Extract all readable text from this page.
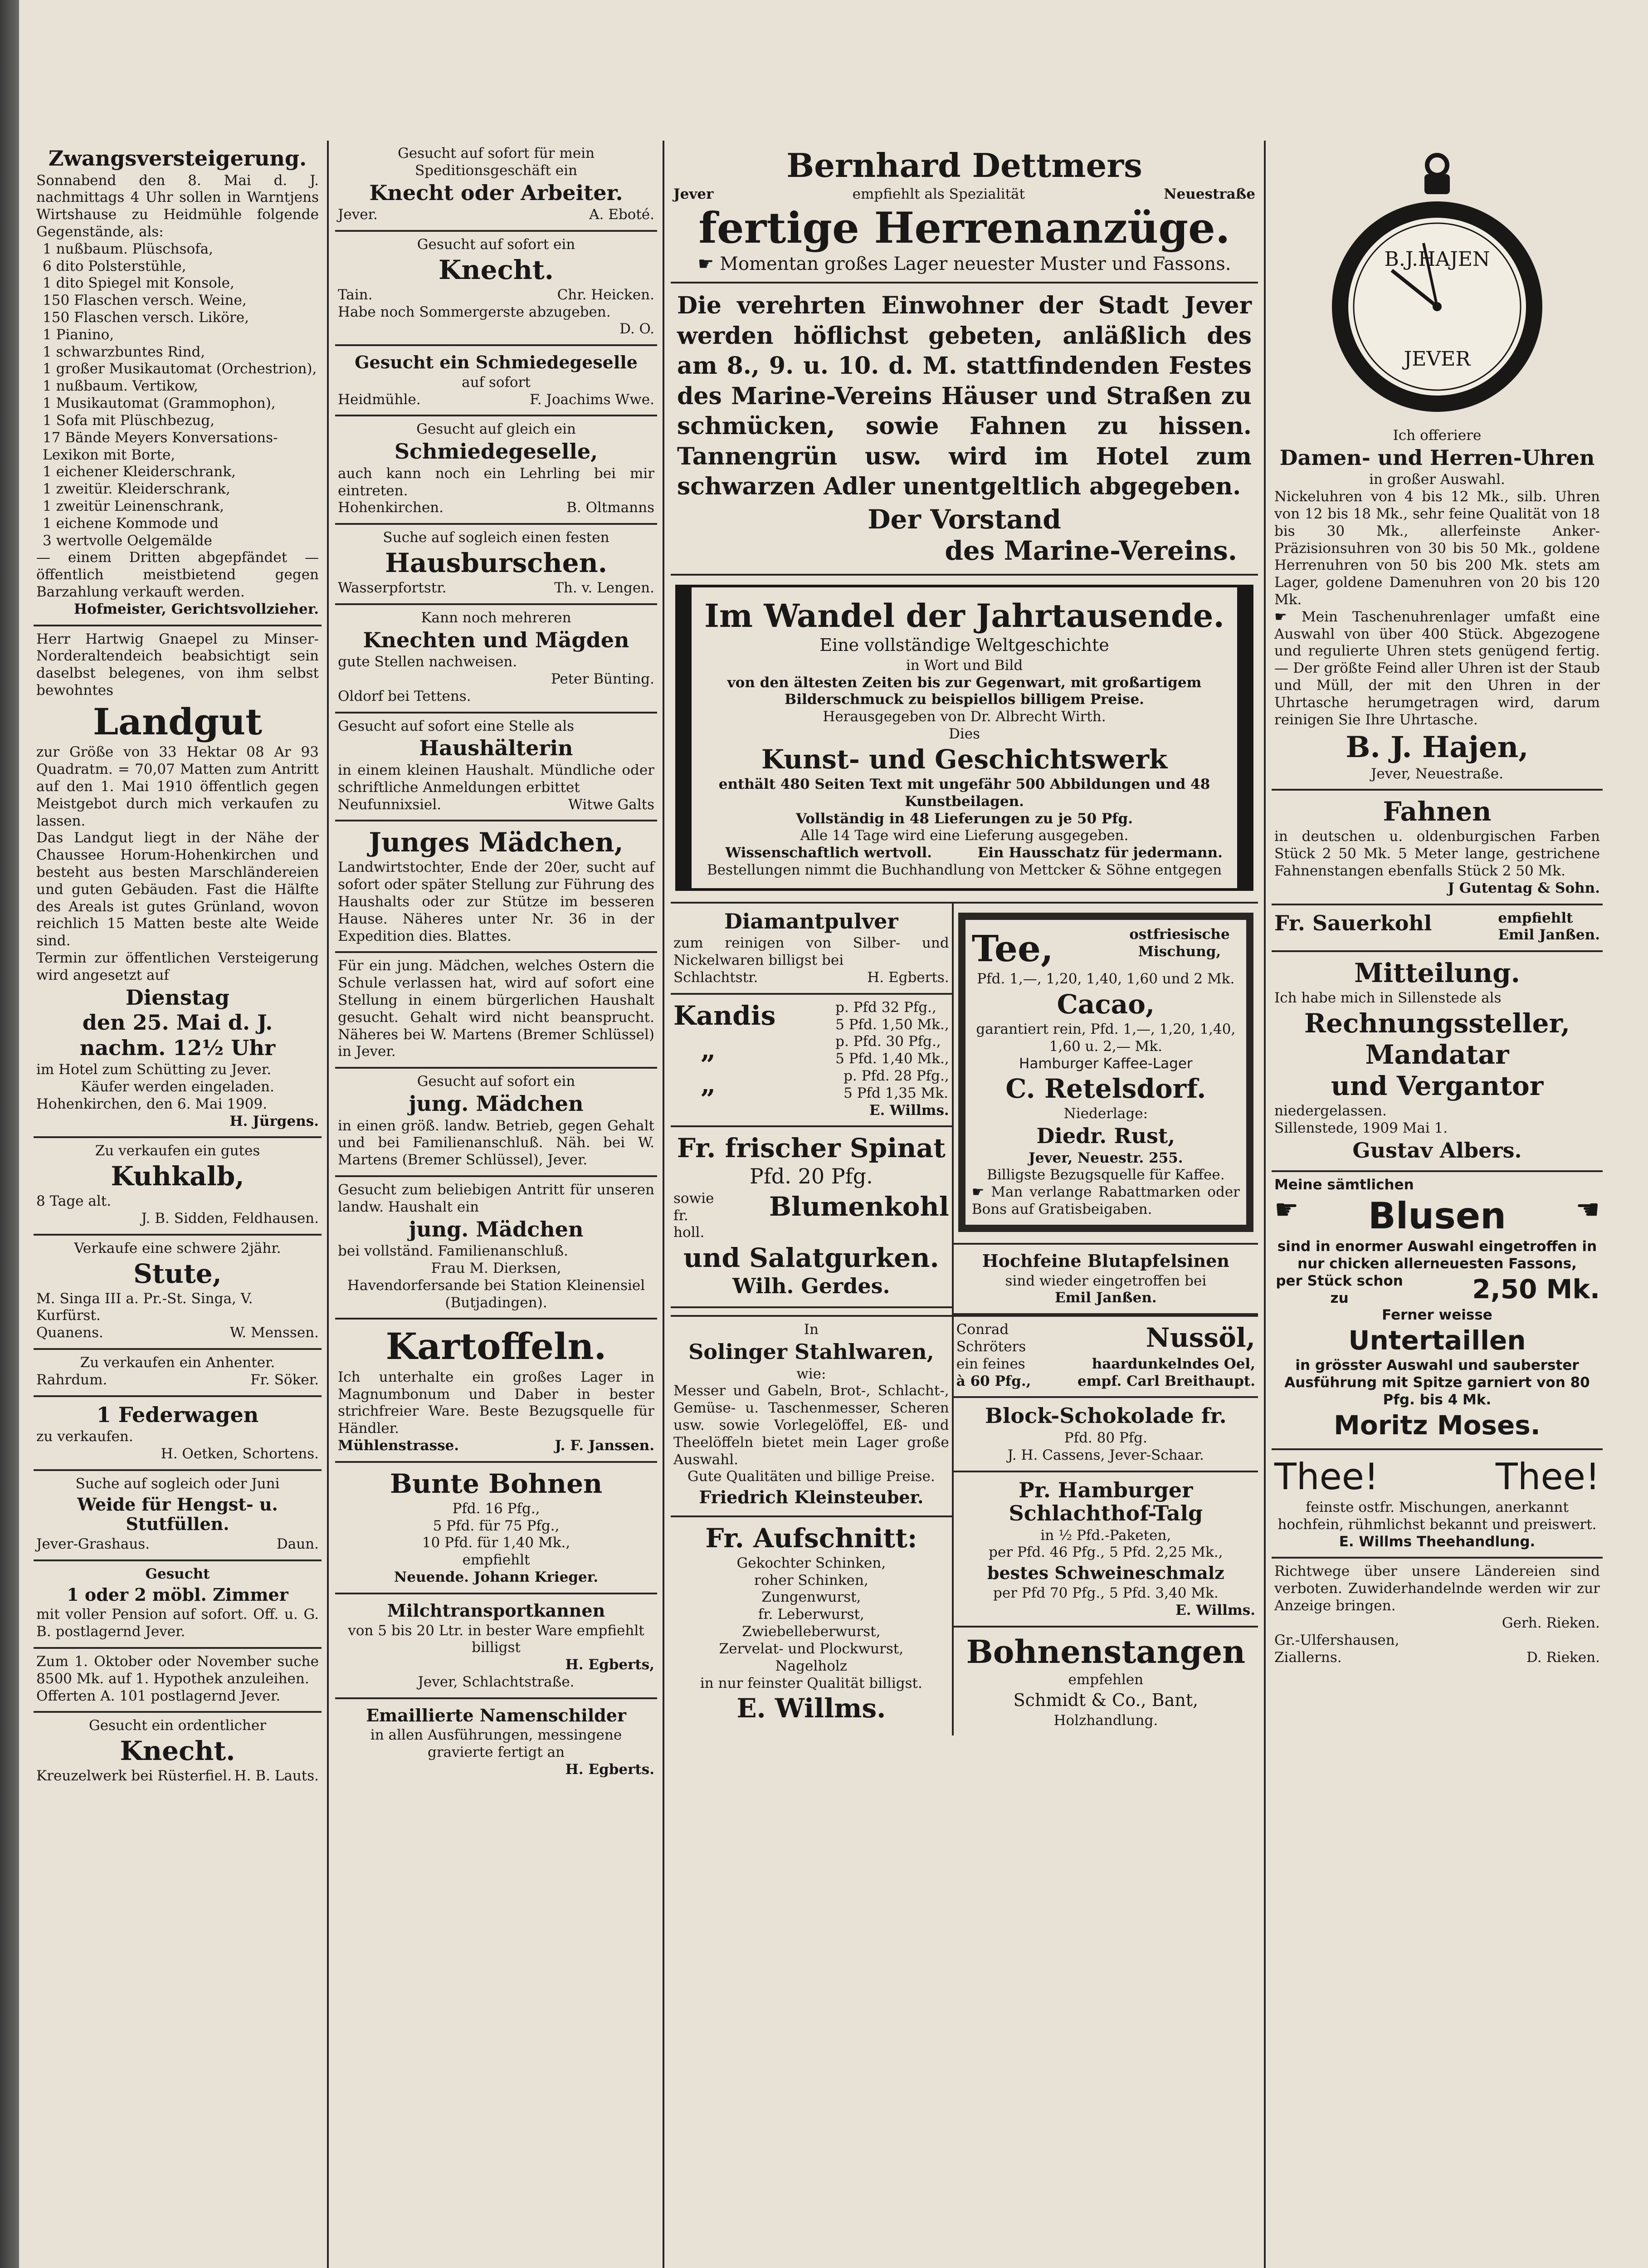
Zwangsversteigerung.

Sonnabend den 8. Mai d. J. nachmittags 4 Uhr sollen in Warntjens Wirtshause zu Heidmühle folgende Gegenstände, als:

1 nußbaum. Plüschsofa,

6 dito Polsterstühle,

1 dito Spiegel mit Konsole,

150 Flaschen versch. Weine,

150 Flaschen versch. Liköre,

1 Pianino,

1 schwarzbuntes Rind,

1 großer Musikautomat (Orchestrion),

1 nußbaum. Vertikow,

1 Musikautomat (Grammophon),

1 Sofa mit Plüschbezug,

17 Bände Meyers Konversations-Lexikon mit Borte,

1 eichener Kleiderschrank,

1 zweitür. Kleiderschrank,

1 zweitür Leinenschrank,

1 eichene Kommode und

3 wertvolle Oelgemälde

— einem Dritten abgepfändet — öffentlich meistbietend gegen Barzahlung verkauft werden.

Hofmeister, Gerichtsvollzieher.

Herr Hartwig Gnaepel zu Minser-Norderaltendeich beabsichtigt sein daselbst belegenes, von ihm selbst bewohntes

Landgut

zur Größe von 33 Hektar 08 Ar 93 Quadratm. = 70,07 Matten zum Antritt auf den 1. Mai 1910 öffentlich gegen Meistgebot durch mich verkaufen zu lassen.

Das Landgut liegt in der Nähe der Chaussee Horum-Hohenkirchen und besteht aus besten Marschländereien und guten Gebäuden. Fast die Hälfte des Areals ist gutes Grünland, wovon reichlich 15 Matten beste alte Weide sind.

Termin zur öffentlichen Versteigerung wird angesetzt auf

Dienstag
den 25. Mai d. J.
nachm. 12½ Uhr

im Hotel zum Schütting zu Jever.

Käufer werden eingeladen.

Hohenkirchen, den 6. Mai 1909.

H. Jürgens.

Zu verkaufen ein gutes

Kuhkalb,

8 Tage alt.

J. B. Sidden, Feldhausen.

Verkaufe eine schwere 2jähr.

Stute,

M. Singa III a. Pr.-St. Singa, V. Kurfürst.

Quanens.	W. Menssen.

Zu verkaufen ein Anhenter.

Rahrdum.	Fr. Söker.
1 Federwagen

zu verkaufen.

H. Oetken, Schortens.

Suche auf sogleich oder Juni

Weide für Hengst- u. Stutfüllen.
Jever-Grashaus.	Daun.

Gesucht

1 oder 2 möbl. Zimmer

mit voller Pension auf sofort. Off. u. G. B. postlagernd Jever.

Zum 1. Oktober oder November suche 8500 Mk. auf 1. Hypothek anzuleihen.

Offerten A. 101 postlagernd Jever.

Gesucht ein ordentlicher

Knecht.
Kreuzelwerk bei Rüsterfiel. H. B. Lauts.

Gesucht auf sofort für mein Speditionsgeschäft ein

Knecht oder Arbeiter.
Jever.	A. Eboté.

Gesucht auf sofort ein

Knecht.
Tain.	Chr. Heicken.

Habe noch Sommergerste abzugeben.

D. O.

Gesucht ein Schmiedegeselle

auf sofort

Heidmühle.	F. Joachims Wwe.

Gesucht auf gleich ein

Schmiedegeselle,

auch kann noch ein Lehrling bei mir eintreten.

Hohenkirchen.	B. Oltmanns

Suche auf sogleich einen festen

Hausburschen.
Wasserpfortstr.	Th. v. Lengen.

Kann noch mehreren

Knechten und Mägden

gute Stellen nachweisen.

Peter Bünting.

Oldorf bei Tettens.

Gesucht auf sofort eine Stelle als

Haushälterin

in einem kleinen Haushalt. Mündliche oder schriftliche Anmeldungen erbittet

Neufunnixsiel.	Witwe Galts
Junges Mädchen,

Landwirtstochter, Ende der 20er, sucht auf sofort oder später Stellung zur Führung des Haushalts oder zur Stütze im besseren Hause. Näheres unter Nr. 36 in der Expedition dies. Blattes.

Für ein jung. Mädchen, welches Ostern die Schule verlassen hat, wird auf sofort eine Stellung in einem bürgerlichen Haushalt gesucht. Gehalt wird nicht beansprucht. Näheres bei W. Martens (Bremer Schlüssel) in Jever.

Gesucht auf sofort ein

jung. Mädchen

in einen größ. landw. Betrieb, gegen Gehalt und bei Familienanschluß. Näh. bei W. Martens (Bremer Schlüssel), Jever.

Gesucht zum beliebigen Antritt für unseren landw. Haushalt ein

jung. Mädchen

bei vollständ. Familienanschluß.

Frau M. Dierksen,

Havendorfersande bei Station Kleinensiel (Butjadingen).

Kartoffeln.

Ich unterhalte ein großes Lager in Magnumbonum und Daber in bester strichfreier Ware. Beste Bezugsquelle für Händler.

Mühlenstrasse.	J. F. Janssen.
Bunte Bohnen

Pfd. 16 Pfg.,

5 Pfd. für 75 Pfg.,

10 Pfd. für 1,40 Mk.,

empfiehlt

Neuende. Johann Krieger.

Milchtransportkannen

von 5 bis 20 Ltr. in bester Ware empfiehlt billigst

H. Egberts,

Jever, Schlachtstraße.

Emaillierte Namenschilder

in allen Ausführungen, messingene gravierte fertigt an

H. Egberts.

Bernhard Dettmers
Jever	empfiehlt als Spezialität	Neuestraße
fertige Herrenanzüge.

☛ Momentan großes Lager neuester Muster und Fassons.

Die verehrten Einwohner der Stadt Jever werden höflichst gebeten, anläßlich des am 8., 9. u. 10. d. M. stattfindenden Festes des Marine-Vereins Häuser und Straßen zu schmücken, sowie Fahnen zu hissen. Tannengrün usw. wird im Hotel zum schwarzen Adler unentgeltlich abgegeben.

Der Vorstand
des Marine-Vereins.
Im Wandel der Jahrtausende.
Eine vollständige Weltgeschichte

in Wort und Bild

von den ältesten Zeiten bis zur Gegenwart, mit großartigem Bilderschmuck zu beispiellos billigem Preise.

Herausgegeben von Dr. Albrecht Wirth.

Dies

Kunst- und Geschichtswerk

enthält 480 Seiten Text mit ungefähr 500 Abbildungen und 48 Kunstbeilagen.

Vollständig in 48 Lieferungen zu je 50 Pfg.

Alle 14 Tage wird eine Lieferung ausgegeben.

Wissenschaftlich wertvoll.	Ein Hausschatz für jedermann.

Bestellungen nimmt die Buchhandlung von Mettcker & Söhne entgegen

Diamantpulver

zum reinigen von Silber- und Nickelwaren billigst bei

Schlachtstr.	H. Egberts.
Kandis	p. Pfd 32 Pfg.,

5 Pfd. 1,50 Mk.,

„	p. Pfd. 30 Pfg.,

5 Pfd. 1,40 Mk.,

„	p. Pfd. 28 Pfg.,

5 Pfd 1,35 Mk.

E. Willms.

Fr. frischer Spinat
Pfd. 20 Pfg.
sowie fr. holl.
Blumenkohl
und Salatgurken.
Wilh. Gerdes.
Tee,	ostfriesische Mischung,

Pfd. 1,—, 1,20, 1,40, 1,60 und 2 Mk.

Cacao,

garantiert rein, Pfd. 1,—, 1,20, 1,40, 1,60 u. 2,— Mk.

Hamburger Kaffee-Lager

C. Retelsdorf.

Niederlage:

Diedr. Rust,

Jever, Neuestr. 255.

Billigste Bezugsquelle für Kaffee.

☛ Man verlange Rabattmarken oder Bons auf Gratisbeigaben.

Hochfeine Blutapfelsinen

sind wieder eingetroffen bei

Emil Janßen.

In

Solinger Stahlwaren,

wie:

Messer und Gabeln, Brot-, Schlacht-, Gemüse- u. Taschenmesser, Scheren usw. sowie Vorlegelöffel, Eß- und Theelöffeln bietet mein Lager große Auswahl.

Gute Qualitäten und billige Preise.

Friedrich Kleinsteuber.
Fr. Aufschnitt:

Gekochter Schinken,

roher Schinken,

Zungenwurst,

fr. Leberwurst,

Zwiebelleberwurst,

Zervelat- und Plockwurst,

Nagelholz

in nur feinster Qualität billigst.

E. Willms.

Conrad

Schröters	Nussöl,
ein feines	haardunkelndes Oel,
à 60 Pfg.,	empf. Carl Breithaupt.
Block-Schokolade fr.

Pfd. 80 Pfg.

J. H. Cassens, Jever-Schaar.

Pr. Hamburger Schlachthof-Talg

in ½ Pfd.-Paketen,

per Pfd. 46 Pfg., 5 Pfd. 2,25 Mk.,

bestes Schweineschmalz

per Pfd 70 Pfg., 5 Pfd. 3,40 Mk.

E. Willms.

Bohnenstangen

empfehlen

Schmidt & Co., Bant,

Holzhandlung.

B.J.HAJEN
JEVER

Ich offeriere

Damen- und Herren-Uhren

in großer Auswahl.

Nickeluhren von 4 bis 12 Mk., silb. Uhren von 12 bis 18 Mk., sehr feine Qualität von 18 bis 30 Mk., allerfeinste Anker-Präzisionsuhren von 30 bis 50 Mk., goldene Herrenuhren von 50 bis 200 Mk. stets am Lager, goldene Damenuhren von 20 bis 120 Mk.

☛ Mein Taschenuhrenlager umfaßt eine Auswahl von über 400 Stück. Abgezogene und regulierte Uhren stets genügend fertig. — Der größte Feind aller Uhren ist der Staub und Müll, der mit den Uhren in der Uhrtasche herumgetragen wird, darum reinigen Sie Ihre Uhrtasche.

B. J. Hajen,

Jever, Neuestraße.

Fahnen

in deutschen u. oldenburgischen Farben Stück 2 50 Mk. 5 Meter lange, gestrichene Fahnenstangen ebenfalls Stück 2 50 Mk.

J Gutentag & Sohn.

Fr. Sauerkohl	empfiehlt

Emil Janßen.

Mitteilung.

Ich habe mich in Sillenstede als

Rechnungssteller,
Mandatar
und Vergantor

niedergelassen.

Sillenstede, 1909 Mai 1.

Gustav Albers.

Meine sämtlichen

☛ Blusen	☚

sind in enormer Auswahl eingetroffen in nur chicken allerneuesten Fassons,

per Stück schon zu	2,50 Mk.

Ferner weisse

Untertaillen

in grösster Auswahl und sauberster Ausführung mit Spitze garniert von 80 Pfg. bis 4 Mk.

Moritz Moses.
Thee!	Thee!

feinste ostfr. Mischungen, anerkannt hochfein, rühmlichst bekannt und preiswert.

E. Willms Theehandlung.

Richtwege über unsere Ländereien sind verboten. Zuwiderhandelnde werden wir zur Anzeige bringen.

Gerh. Rieken.

Gr.-Ulfershausen,

Ziallerns.	D. Rieken.
